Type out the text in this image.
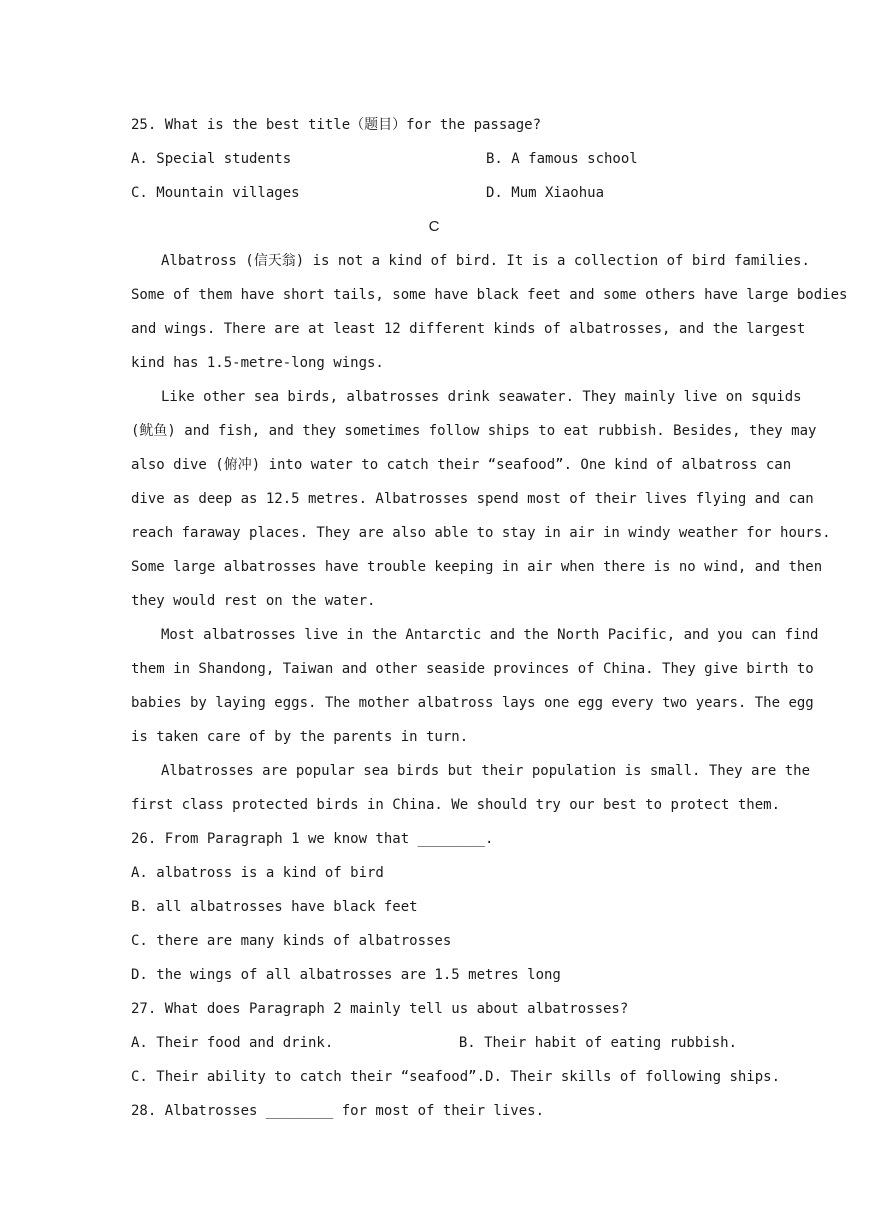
25. What is the best title（题目）for the passage?
A. Special students	B. A famous school
C. Mountain villages	D. Mum Xiaohua
C
Albatross (信天翁) is not a kind of bird. It is a collection of bird families.
Some of them have short tails, some have black feet and some others have large bodies
and wings. There are at least 12 different kinds of albatrosses, and the largest
kind has 1.5-metre-long wings.
Like other sea birds, albatrosses drink seawater. They mainly live on squids
(鱿鱼) and fish, and they sometimes follow ships to eat rubbish. Besides, they may
also dive (俯冲) into water to catch their “seafood”. One kind of albatross can
dive as deep as 12.5 metres. Albatrosses spend most of their lives flying and can
reach faraway places. They are also able to stay in air in windy weather for hours.
Some large albatrosses have trouble keeping in air when there is no wind, and then
they would rest on the water.
Most albatrosses live in the Antarctic and the North Pacific, and you can find
them in Shandong, Taiwan and other seaside provinces of China. They give birth to
babies by laying eggs. The mother albatross lays one egg every two years. The egg
is taken care of by the parents in turn.
Albatrosses are popular sea birds but their population is small. They are the
first class protected birds in China. We should try our best to protect them.
26. From Paragraph 1 we know that ________.
A. albatross is a kind of bird
B. all albatrosses have black feet
C. there are many kinds of albatrosses
D. the wings of all albatrosses are 1.5 metres long
27. What does Paragraph 2 mainly tell us about albatrosses?
A. Their food and drink.	B. Their habit of eating rubbish.
C. Their ability to catch their “seafood”. D. Their skills of following ships.
28. Albatrosses ________ for most of their lives.
